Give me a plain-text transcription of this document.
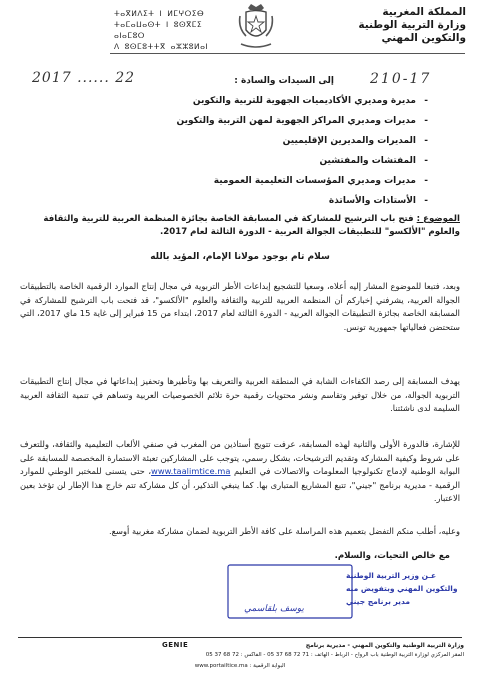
المملكة المغربية
وزارة التربية الوطنية
والتكوين المهني
ⵜⴰⴳⵍⴷⵉⵜ ⵏ ⵍⵎⵖⵔⵉⴱ
ⵜⴰⵎⴰⵡⴰⵙⵜ ⵏ ⵓⵙⴳⵎⵉ ⴰⵏⴰⵎⵓⵔ
ⴷ ⵓⵙⵎⵓⵜⵜⴳ ⴰⵣⵣⵓⵍⴰⵏ
2017 ...... 22	210-17
إلى السيدات والسادة :
- مديرة ومديري الأكاديميات الجهوية للتربية والتكوين
- مديرات ومديري المراكز الجهوية لمهن التربية والتكوين
- المديرات والمديرين الإقليميين
- المفتشات والمفتشين
- مديرات ومديري المؤسسات التعليمية العمومية
- الأستاذات والأساتذة
الموضوع : فتح باب الترشيح للمشاركة في المسابقة الخاصة بجائزة المنظمة العربية للتربية والثقافة والعلوم "الألكسو" للتطبيقات الجوالة العربية - الدورة الثالثة لعام 2017.
سلام تام بوجود مولانا الإمام، المؤيد بالله
وبعد، فتبعا للموضوع المشار إليه أعلاه، وسعيا للتشجيع إبداعات الأطر التربوية في مجال إنتاج الموارد الرقمية الخاصة بالتطبيقات الجوالة العربية، يشرفني إخباركم أن المنظمة العربية للتربية والثقافة والعلوم "الألكسو"، قد فتحت باب الترشيح للمشاركة في المسابقة الخاصة بجائزة التطبيقات الجوالة العربية - الدورة الثالثة لعام 2017، ابتداء من 15 فبراير إلى غاية 15 ماي 2017، التي ستحتضن فعالياتها جمهورية تونس.
يهدف المسابقة إلى رصد الكفاءات الشابة في المنطقة العربية والتعريف بها وتأطيرها وتحفيز إبداعاتها في مجال إنتاج التطبيقات التربوية الجوالة، من خلال توفير وتقاسم ونشر محتويات رقمية حرة تلائم الخصوصيات العربية وتساهم في تنمية الثقافة العربية السليمة لدى ناشئتنا.
للإشارة، فالدورة الأولى والثانية لهذه المسابقة، عرفت تتويج أستاذين من المغرب في صنفي الألعاب التعليمية والثقافة، وللتعرف على شروط وكيفية المشاركة وتقديم الترشيحات، بشكل رسمي، يتوجب على المشاركين تعبئة الاستمارة المخصصة للمسابقة على البوابة الوطنية لإدماج تكنولوجيا المعلومات والاتصالات في التعليم www.taalimtice.ma، حتى يتسنى للمختبر الوطني للموارد الرقمية - مديرية برنامج "جيني"، تتبع المشاريع المتبارى بها. كما ينبغي التذكير، أن كل مشاركة تتم خارج هذا الإطار لن تؤخذ بعين الاعتبار.
وعليه، أطلب منكم التفضل بتعميم هذه المراسلة على كافة الأطر التربوية لضمان مشاركة مغربية أوسع.
مع خالص التحيات، والسلام.
عـن وزير التربية الوطنية
والتكوين المهني وبتفويض منه
مدير برنامج جيني
يوسف بلقاسمي
وزارة التربية الوطنية والتكوين المهني - مديرية برنامج
GENIE
المقر المركزي لوزارة التربية الوطنية باب الرواح - الرباط - الهاتف : 71 72 68 37 05 - الفاكس : 72 68 37 05
البوابة الرقمية : www.portailtice.ma
